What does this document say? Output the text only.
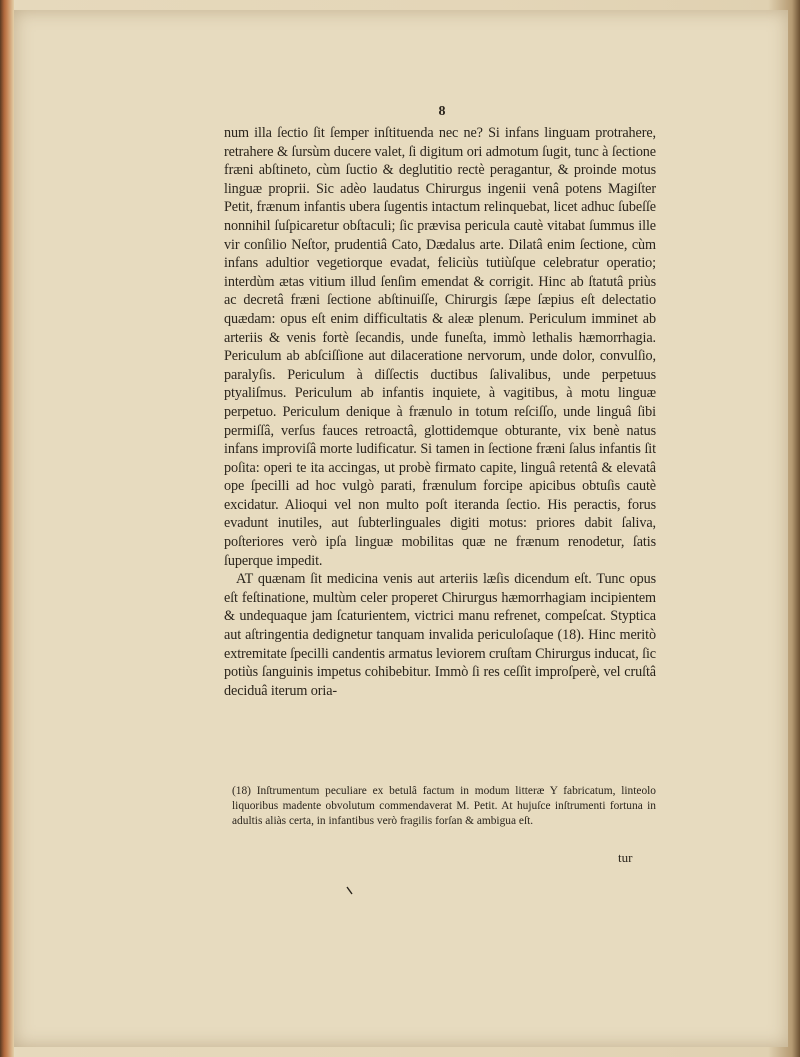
8

num illa ſectio ſit ſemper inſtituenda nec ne? Si infans linguam protrahere, retrahere & ſursùm ducere valet, ſi digitum ori admotum ſugit, tunc à ſectione fræni abſtineto, cùm ſuctio & deglutitio rectè peragantur, & proinde motus linguæ proprii. Sic adèo laudatus Chirurgus ingenii venâ potens Magiſter Petit, frænum infantis ubera ſugentis intactum relinquebat, licet adhuc ſubeſſe nonnihil ſuſpicaretur obſtaculi; ſic prævisa pericula cautè vitabat ſummus ille vir conſilio Neſtor, prudentiâ Cato, Dædalus arte. Dilatâ enim ſectione, cùm infans adultior vegetiorque evadat, feliciùs tutiùſque celebratur operatio; interdùm ætas vitium illud ſenſim emendat & corrigit. Hinc ab ſtatutâ priùs ac decretâ fræni ſectione abſtinuiſſe, Chirurgis ſæpe ſæpius eſt delectatio quædam: opus eſt enim difficultatis & aleæ plenum. Periculum imminet ab arteriis & venis fortè ſecandis, unde funeſta, immò lethalis hæmorrhagia. Periculum ab abſciſſione aut dilaceratione nervorum, unde dolor, convulſio, paralyſis. Periculum à diſſectis ductibus ſalivalibus, unde perpetuus ptyaliſmus. Periculum ab infantis inquiete, à vagitibus, à motu linguæ perpetuo. Periculum denique à frænulo in totum reſciſſo, unde linguâ ſibi permiſſâ, verſus fauces retroactâ, glottidemque obturante, vix benè natus infans improviſâ morte ludificatur. Si tamen in ſectione fræni ſalus infantis ſit poſita: operi te ita accingas, ut probè firmato capite, linguâ retentâ & elevatâ ope ſpecilli ad hoc vulgò parati, frænulum forcipe apicibus obtuſis cautè excidatur. Alioqui vel non multo poſt iteranda ſectio. His peractis, forus evadunt inutiles, aut ſubterlinguales digiti motus: priores dabit ſaliva, poſteriores verò ipſa linguæ mobilitas quæ ne frænum renodetur, ſatis ſuperque impedit.

AT quænam ſit medicina venis aut arteriis læſis dicendum eſt. Tunc opus eſt feſtinatione, multùm celer properet Chirurgus hæmorrhagiam incipientem & undequaque jam ſcaturientem, victrici manu refrenet, compeſcat. Styptica aut aſtringentia dedignetur tanquam invalida periculoſaque (18). Hinc meritò extremitate ſpecilli candentis armatus leviorem cruſtam Chirurgus inducat, ſic potiùs ſanguinis impetus cohibebitur. Immò ſi res ceſſit improſperè, vel cruſtâ deciduâ iterum oria-

(18) Inſtrumentum peculiare ex betulâ factum in modum litteræ Y fabricatum, linteolo liquoribus madente obvolutum commendaverat M. Petit. At hujuſce inſtrumenti fortuna in adultis aliàs certa, in infantibus verò fragilis forſan & ambigua eſt.
tur
